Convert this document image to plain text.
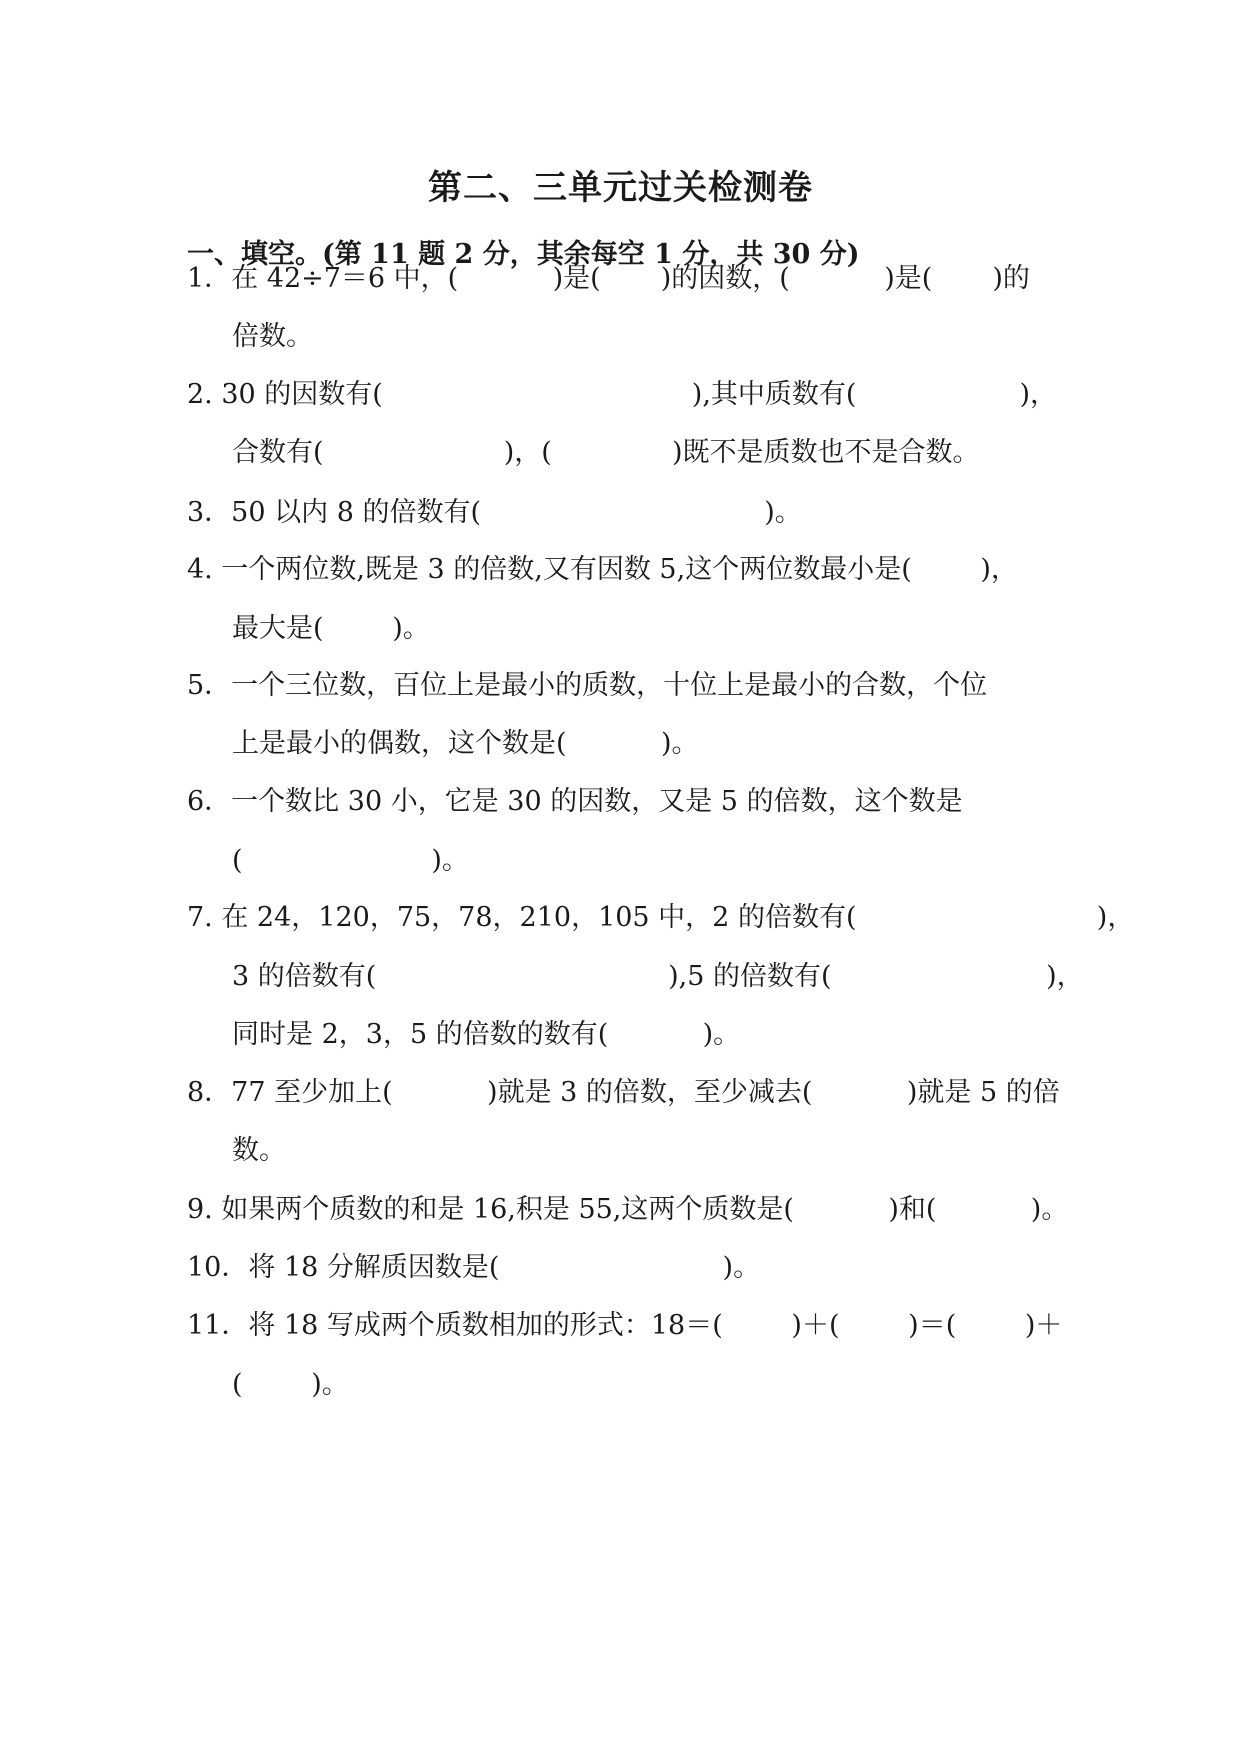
第二、三单元过关检测卷
一、填空。(第 11 题 2 分，其余每空 1 分，共 30 分)
1．在 42÷7＝6 中，(           )是(       )的因数，(           )是(       )的
倍数。
2. 30 的因数有(                                    ),其中质数有(                   )，
合数有(                     )，(              )既不是质数也不是合数。
3．50 以内 8 的倍数有(                                 )。
4. 一个两位数,既是 3 的倍数,又有因数 5,这个两位数最小是(        )，
最大是(        )。
5．一个三位数，百位上是最小的质数，十位上是最小的合数，个位
上是最小的偶数，这个数是(           )。
6．一个数比 30 小，它是 30 的因数，又是 5 的倍数，这个数是
(                      )。
7. 在 24，120，75，78，210，105 中，2 的倍数有(                            )，
3 的倍数有(                                  ),5 的倍数有(                         )，
同时是 2，3，5 的倍数的数有(           )。
8．77 至少加上(           )就是 3 的倍数，至少减去(           )就是 5 的倍
数。
9. 如果两个质数的和是 16,积是 55,这两个质数是(           )和(           )。
10．将 18 分解质因数是(                          )。
11．将 18 写成两个质数相加的形式：18＝(        )＋(        )＝(        )＋
(        )。
